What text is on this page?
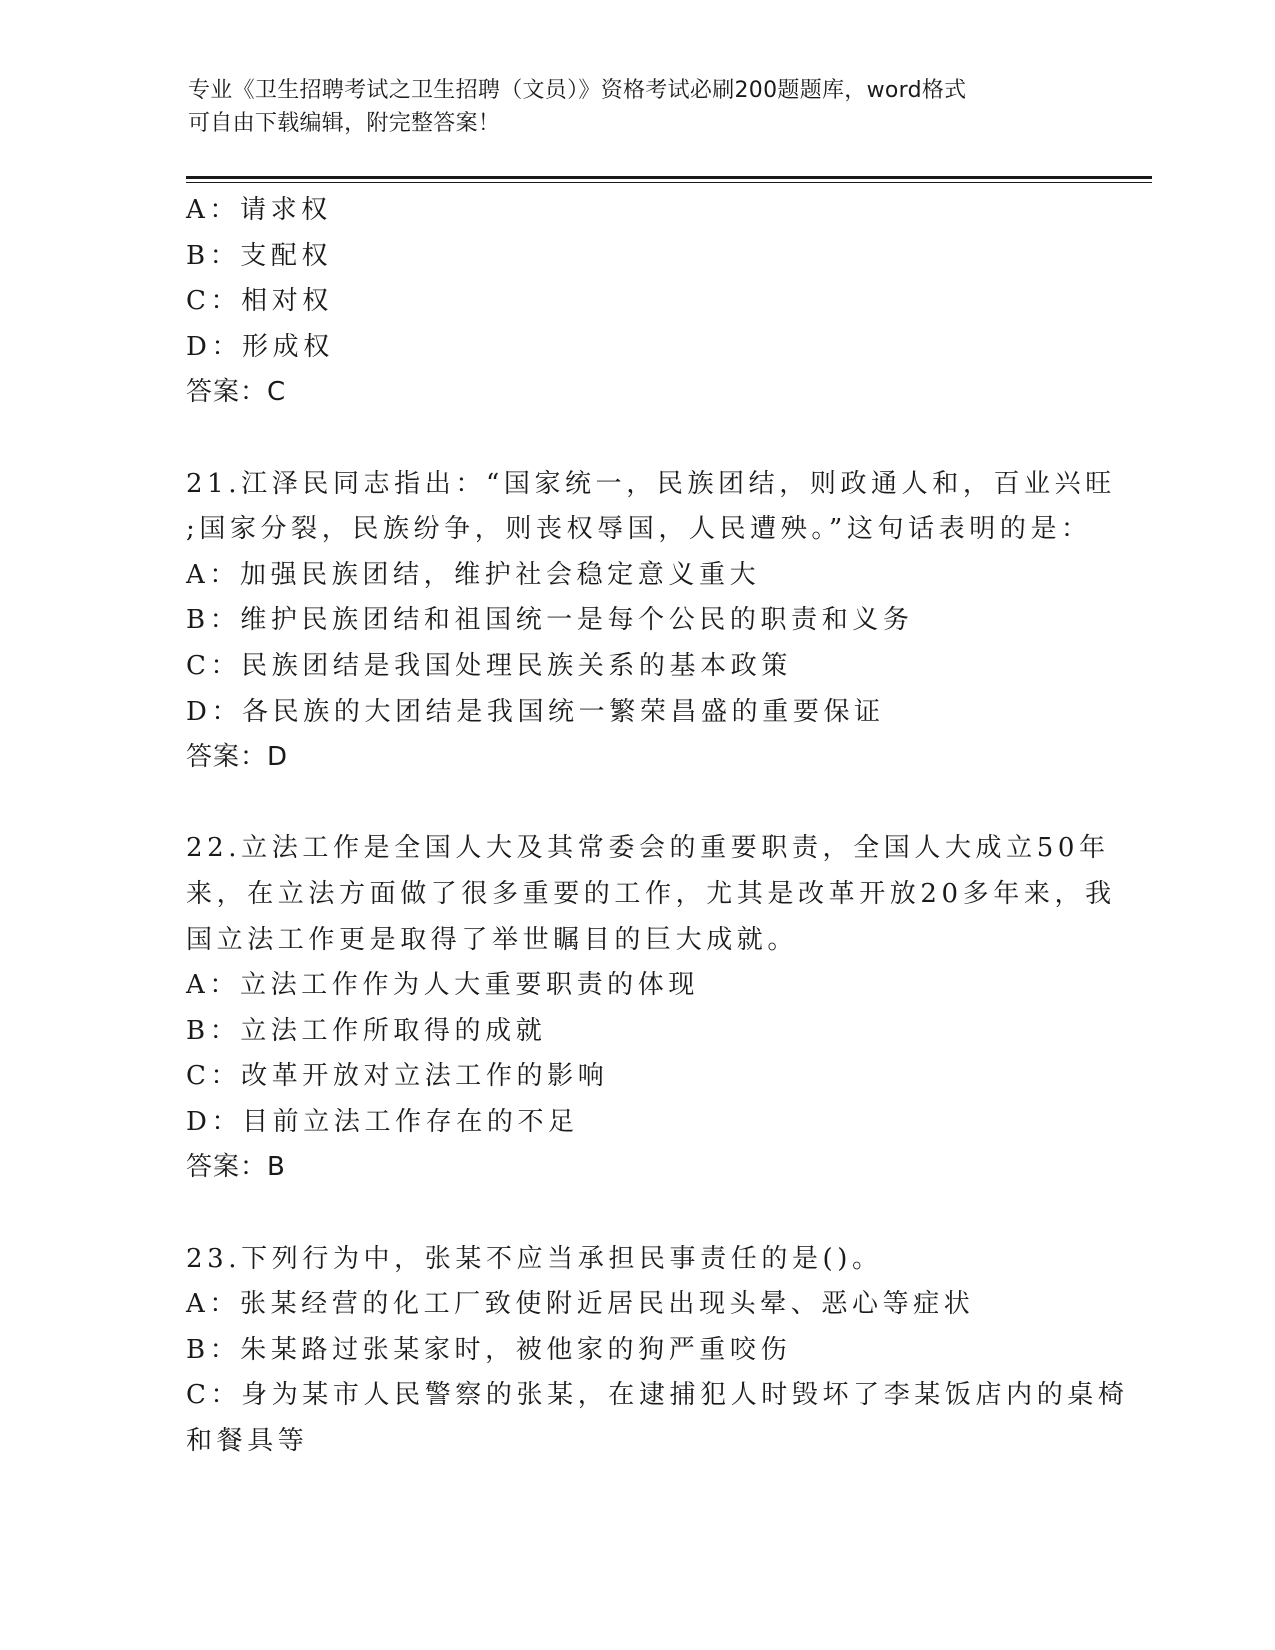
专业《卫生招聘考试之卫生招聘（文员）》资格考试必刷200题题库，word格式
可自由下载编辑，附完整答案！
A：请求权
B：支配权
C：相对权
D：形成权
答案：C
21.江泽民同志指出：“国家统一，民族团结，则政通人和，百业兴旺
;国家分裂，民族纷争，则丧权辱国，人民遭殃。”这句话表明的是：
A：加强民族团结，维护社会稳定意义重大
B：维护民族团结和祖国统一是每个公民的职责和义务
C：民族团结是我国处理民族关系的基本政策
D：各民族的大团结是我国统一繁荣昌盛的重要保证
答案：D
22.立法工作是全国人大及其常委会的重要职责，全国人大成立50年
来，在立法方面做了很多重要的工作，尤其是改革开放20多年来，我
国立法工作更是取得了举世瞩目的巨大成就。
A：立法工作作为人大重要职责的体现
B：立法工作所取得的成就
C：改革开放对立法工作的影响
D：目前立法工作存在的不足
答案：B
23.下列行为中，张某不应当承担民事责任的是()。
A：张某经营的化工厂致使附近居民出现头晕、恶心等症状
B：朱某路过张某家时，被他家的狗严重咬伤
C：身为某市人民警察的张某，在逮捕犯人时毁坏了李某饭店内的桌椅
和餐具等
